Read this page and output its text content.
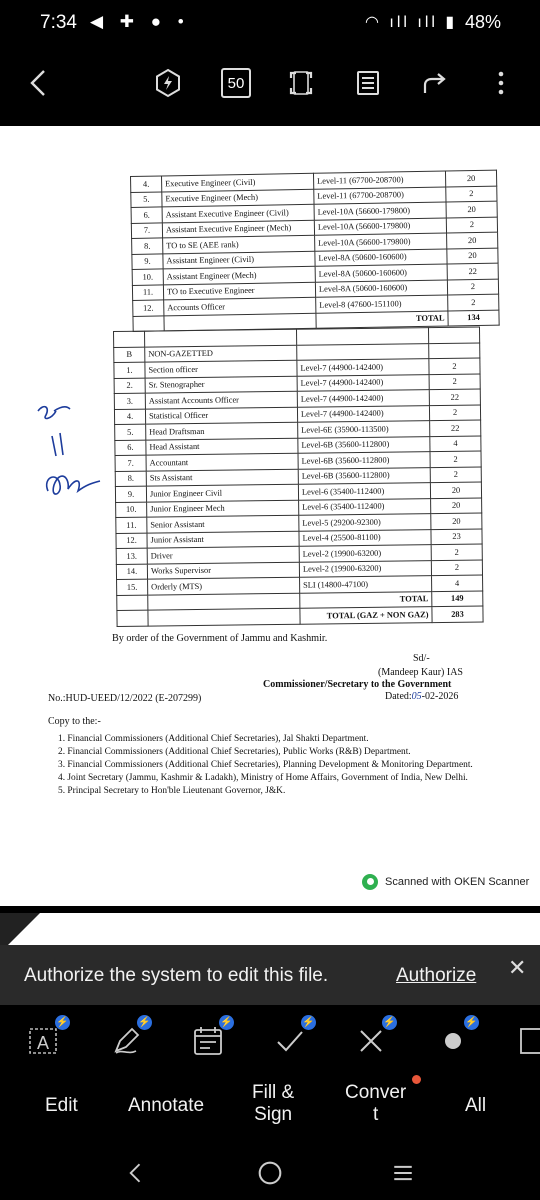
7:34 ◀ ✚ ● •	◠ ıll ıll ▮ 48%
50
4.	Executive Engineer (Civil)	Level-11 (67700-208700)	20
5.	Executive Engineer (Mech)	Level-11 (67700-208700)	2
6.	Assistant Executive Engineer (Civil)	Level-10A (56600-179800)	20
7.	Assistant Executive Engineer (Mech)	Level-10A (56600-179800)	2
8.	TO to SE (AEE rank)	Level-10A (56600-179800)	20
9.	Assistant Engineer (Civil)	Level-8A (50600-160600)	20
10.	Assistant Engineer (Mech)	Level-8A (50600-160600)	22
11.	TO to Executive Engineer	Level-8A (50600-160600)	2
12.	Accounts Officer	Level-8 (47600-151100)	2
		TOTAL	134

B	NON-GAZETTED		
1.	Section officer	Level-7 (44900-142400)	2
2.	Sr. Stenographer	Level-7 (44900-142400)	2
3.	Assistant Accounts Officer	Level-7 (44900-142400)	22
4.	Statistical Officer	Level-7 (44900-142400)	2
5.	Head Draftsman	Level-6E (35900-113500)	22
6.	Head Assistant	Level-6B (35600-112800)	4
7.	Accountant	Level-6B (35600-112800)	2
8.	Sts Assistant	Level-6B (35600-112800)	2
9.	Junior Engineer Civil	Level-6 (35400-112400)	20
10.	Junior Engineer Mech	Level-6 (35400-112400)	20
11.	Senior Assistant	Level-5 (29200-92300)	20
12.	Junior Assistant	Level-4 (25500-81100)	23
13.	Driver	Level-2 (19900-63200)	2
14.	Works Supervisor	Level-2 (19900-63200)	2
15.	Orderly (MTS)	SLI (14800-47100)	4
		TOTAL	149
		TOTAL (GAZ + NON GAZ)	283
By order of the Government of Jammu and Kashmir.
Sd/-
(Mandeep Kaur) IAS
Commissioner/Secretary to the Government
No.:HUD-UEED/12/2022 (E-207299)	Dated:05-02-2026
Copy to the:-
1. Financial Commissioners (Additional Chief Secretaries), Jal Shakti Department.
2. Financial Commissioners (Additional Chief Secretaries), Public Works (R&B) Department.
3. Financial Commissioners (Additional Chief Secretaries), Planning Development & Monitoring Department.
4. Joint Secretary (Jammu, Kashmir & Ladakh), Ministry of Home Affairs, Government of India, New Delhi.
5. Principal Secretary to Hon'ble Lieutenant Governor, J&K.
Scanned with OKEN Scanner
Authorize the system to edit this file.	Authorize ✕
A
⚡	⚡	⚡	⚡	⚡	⚡
Edit	Annotate
Fill &
Sign
Conver
t	All
